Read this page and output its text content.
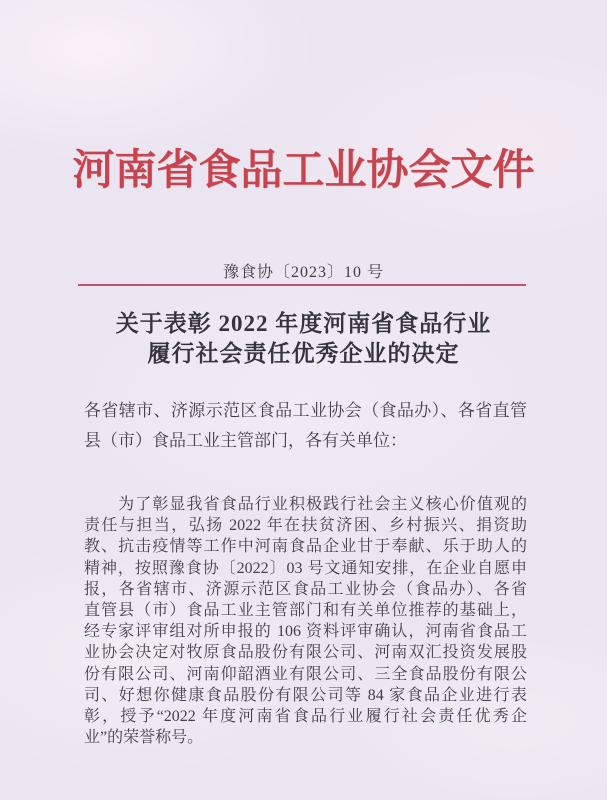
河南省食品工业协会文件
豫食协〔2023〕10 号
关于表彰 2022 年度河南省食品行业
履行社会责任优秀企业的决定
各省辖市、济源示范区食品工业协会（食品办）、各省直管
县（市）食品工业主管部门，各有关单位：
　　为了彰显我省食品行业积极践行社会主义核心价值观的
责任与担当，弘扬 2022 年在扶贫济困、乡村振兴、捐资助
教、抗击疫情等工作中河南食品企业甘于奉献、乐于助人的
精神，按照豫食协〔2022〕03 号文通知安排，在企业自愿申
报，各省辖市、济源示范区食品工业协会（食品办）、各省
直管县（市）食品工业主管部门和有关单位推荐的基础上，
经专家评审组对所申报的 106 资料评审确认，河南省食品工
业协会决定对牧原食品股份有限公司、河南双汇投资发展股
份有限公司、河南仰韶酒业有限公司、三全食品股份有限公
司、好想你健康食品股份有限公司等 84 家食品企业进行表
彰，授予“2022 年度河南省食品行业履行社会责任优秀企
业”的荣誉称号。
